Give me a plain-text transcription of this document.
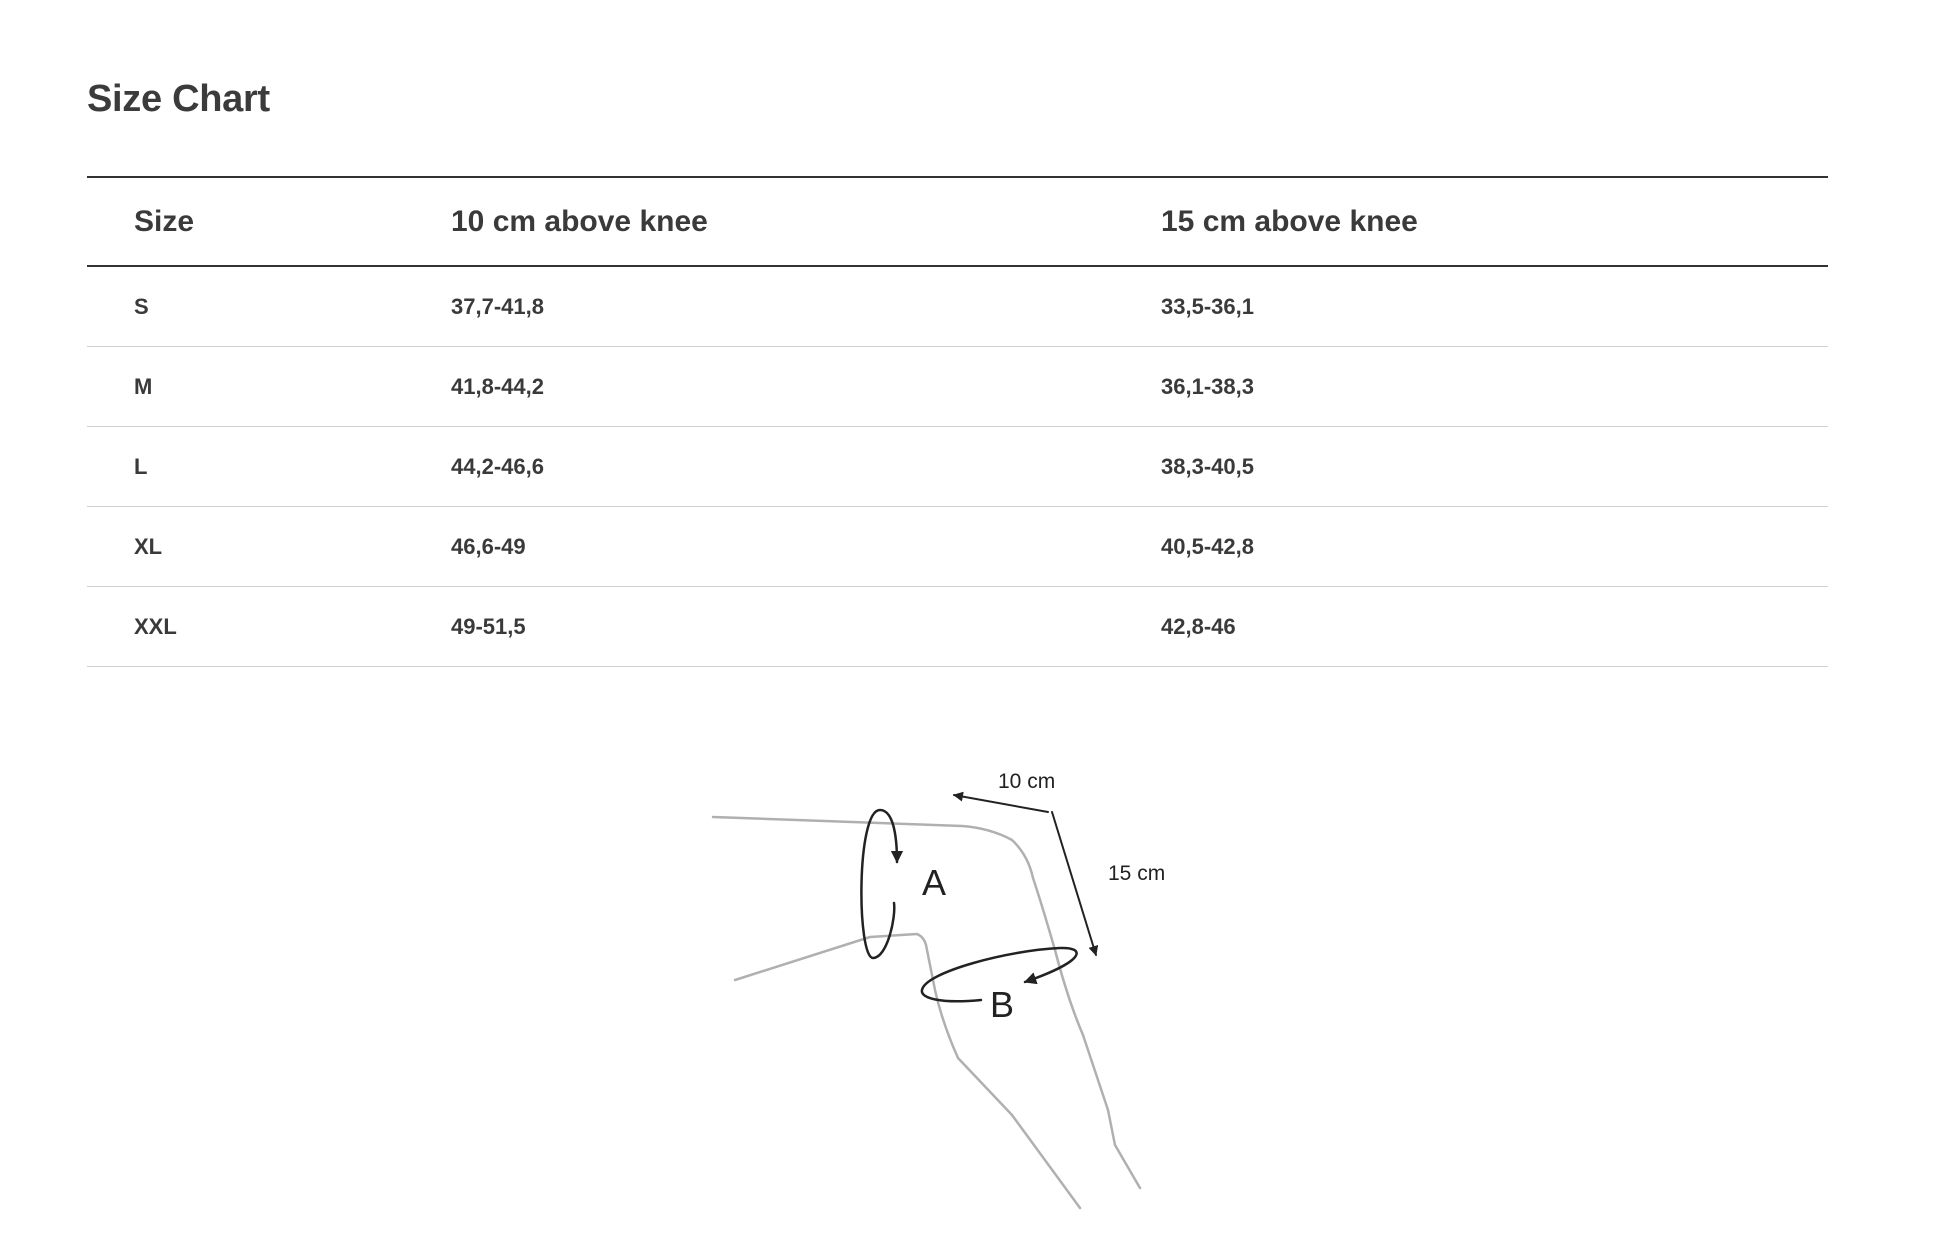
Size Chart
Size	10 cm above knee	15 cm above knee
S	37,7-41,8	33,5-36,1
M	41,8-44,2	36,1-38,3
L	44,2-46,6	38,3-40,5
XL	46,6-49	40,5-42,8
XXL	49-51,5	42,8-46
A
B
10 cm
15 cm
